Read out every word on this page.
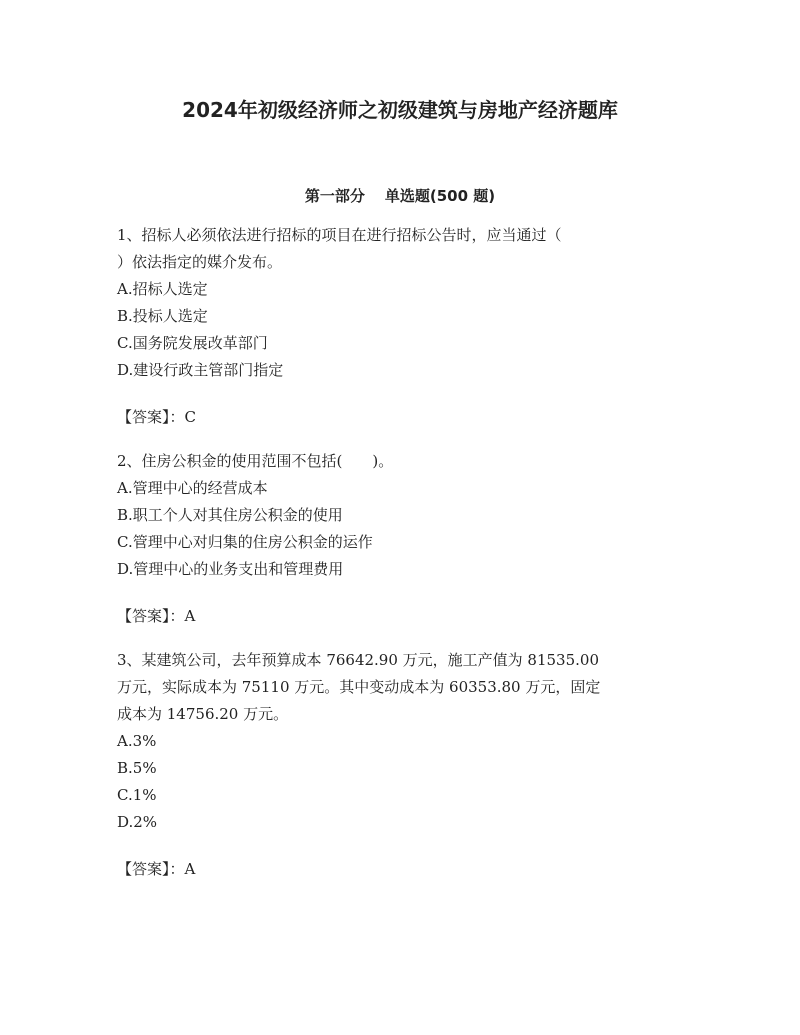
2024年初级经济师之初级建筑与房地产经济题库
第一部分 单选题(500 题)

1、招标人必须依法进行招标的项目在进行招标公告时，应当通过（

）依法指定的媒介发布。

A.招标人选定

B.投标人选定

C.国务院发展改革部门

D.建设行政主管部门指定

【答案】：C

2、住房公积金的使用范围不包括(　　)。

A.管理中心的经营成本

B.职工个人对其住房公积金的使用

C.管理中心对归集的住房公积金的运作

D.管理中心的业务支出和管理费用

【答案】：A

3、某建筑公司，去年预算成本 76642.90 万元，施工产值为 81535.00

万元，实际成本为 75110 万元。其中变动成本为 60353.80 万元，固定

成本为 14756.20 万元。

A.3%

B.5%

C.1%

D.2%

【答案】：A
